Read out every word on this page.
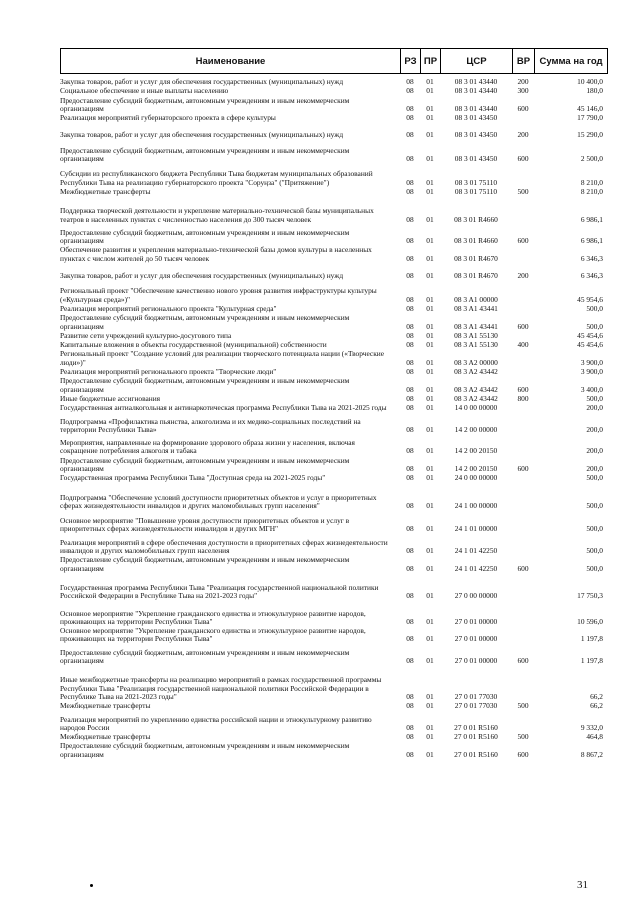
Наименование	РЗ	ПР	ЦСР	ВР	Сумма на год
Закупка товаров, работ и услуг для обеспечения государственных (муниципальных) нужд	08	01	08 3 01 43440	200	10 400,0
Социальное обеспечение и иные выплаты населению	08	01	08 3 01 43440	300	180,0
Предоставление субсидий бюджетным, автономным учреждениям и иным некоммерческим организациям	08	01	08 3 01 43440	600	45 146,0
Реализация мероприятий губернаторского проекта в сфере культуры	08	01	08 3 01 43450		17 790,0
Закупка товаров, работ и услуг для обеспечения государственных (муниципальных) нужд	08	01	08 3 01 43450	200	15 290,0
Предоставление субсидий бюджетным, автономным учреждениям и иным некоммерческим организациям	08	01	08 3 01 43450	600	2 500,0
Субсидии из республиканского бюджета Республики Тыва бюджетам муниципальных образований Республики Тыва на реализацию губернаторского проекта "Соруңза" ("Притяжение")	08	01	08 3 01 75110		8 210,0
Межбюджетные трансферты	08	01	08 3 01 75110	500	8 210,0
Поддержка творческой деятельности и укрепление материально-технической базы муниципальных театров в населенных пунктах с численностью населения до 300 тысяч человек	08	01	08 3 01 R4660		6 986,1
Предоставление субсидий бюджетным, автономным учреждениям и иным некоммерческим организациям	08	01	08 3 01 R4660	600	6 986,1
Обеспечение развития и укрепления материально-технической базы домов культуры в населенных пунктах с числом жителей до 50 тысяч человек	08	01	08 3 01 R4670		6 346,3
Закупка товаров, работ и услуг для обеспечения государственных (муниципальных) нужд	08	01	08 3 01 R4670	200	6 346,3
Региональный проект "Обеспечение качественно нового уровня развития инфраструктуры культуры («Культурная среда»)"	08	01	08 3 A1 00000		45 954,6
Реализация мероприятий регионального проекта "Культурная среда"	08	01	08 3 A1 43441		500,0
Предоставление субсидий бюджетным, автономным учреждениям и иным некоммерческим организациям	08	01	08 3 A1 43441	600	500,0
Развитие сети учреждений культурно-досугового типа	08	01	08 3 A1 55130		45 454,6
Капитальные вложения в объекты государственной (муниципальной) собственности	08	01	08 3 A1 55130	400	45 454,6
Региональный проект "Создание условий для реализации творческого потенциала нации («Творческие люди»)"	08	01	08 3 A2 00000		3 900,0
Реализация мероприятий регионального проекта "Творческие люди"	08	01	08 3 A2 43442		3 900,0
Предоставление субсидий бюджетным, автономным учреждениям и иным некоммерческим организациям	08	01	08 3 A2 43442	600	3 400,0
Иные бюджетные ассигнования	08	01	08 3 A2 43442	800	500,0
Государственная антиалкогольная и антинаркотическая программа Республики Тыва на 2021-2025 годы	08	01	14 0 00 00000		200,0
Подпрограмма «Профилактика пьянства, алкоголизма и их медико-социальных последствий на территории Республики Тыва»	08	01	14 2 00 00000		200,0
Мероприятия, направленные на формирование здорового образа жизни у населения, включая сокращение потребления алкоголя и табака	08	01	14 2 00 20150		200,0
Предоставление субсидий бюджетным, автономным учреждениям и иным некоммерческим организациям	08	01	14 2 00 20150	600	200,0
Государственная программа Республики Тыва "Доступная среда на 2021-2025 годы"	08	01	24 0 00 00000		500,0
Подпрограмма "Обеспечение условий доступности приоритетных объектов и услуг в приоритетных сферах жизнедеятельности инвалидов и других маломобильных групп населения"	08	01	24 1 00 00000		500,0
Основное мероприятие "Повышение уровня доступности приоритетных объектов и услуг в приоритетных сферах жизнедеятельности инвалидов и других МГН"	08	01	24 1 01 00000		500,0
Реализация мероприятий в сфере обеспечения доступности в приоритетных сферах жизнедеятельности инвалидов и других маломобильных групп населения	08	01	24 1 01 42250		500,0
Предоставление субсидий бюджетным, автономным учреждениям и иным некоммерческим организациям	08	01	24 1 01 42250	600	500,0
Государственная программа Республики Тыва "Реализация государственной национальной политики Российской Федерации в Республике Тыва на 2021-2023 годы"	08	01	27 0 00 00000		17 750,3
Основное мероприятие "Укрепление гражданского единства и этнокультурное развитие народов, проживающих на территории Республики Тыва"	08	01	27 0 01 00000		10 596,0
Основное мероприятие "Укрепление гражданского единства и этнокультурное развитие народов, проживающих на территории Республики Тыва"	08	01	27 0 01 00000		1 197,8
Предоставление субсидий бюджетным, автономным учреждениям и иным некоммерческим организациям	08	01	27 0 01 00000	600	1 197,8
Иные межбюджетные трансферты на реализацию мероприятий в рамках государственной программы Республики Тыва "Реализация государственной национальной политики Российской Федерации в Республике Тыва на 2021-2023 годы"	08	01	27 0 01 77030		66,2
Межбюджетные трансферты	08	01	27 0 01 77030	500	66,2
Реализация мероприятий по укреплению единства российской нации и этнокультурному развитию народов России	08	01	27 0 01 R5160		9 332,0
Межбюджетные трансферты	08	01	27 0 01 R5160	500	464,8
Предоставление субсидий бюджетным, автономным учреждениям и иным некоммерческим организациям	08	01	27 0 01 R5160	600	8 867,2
31
